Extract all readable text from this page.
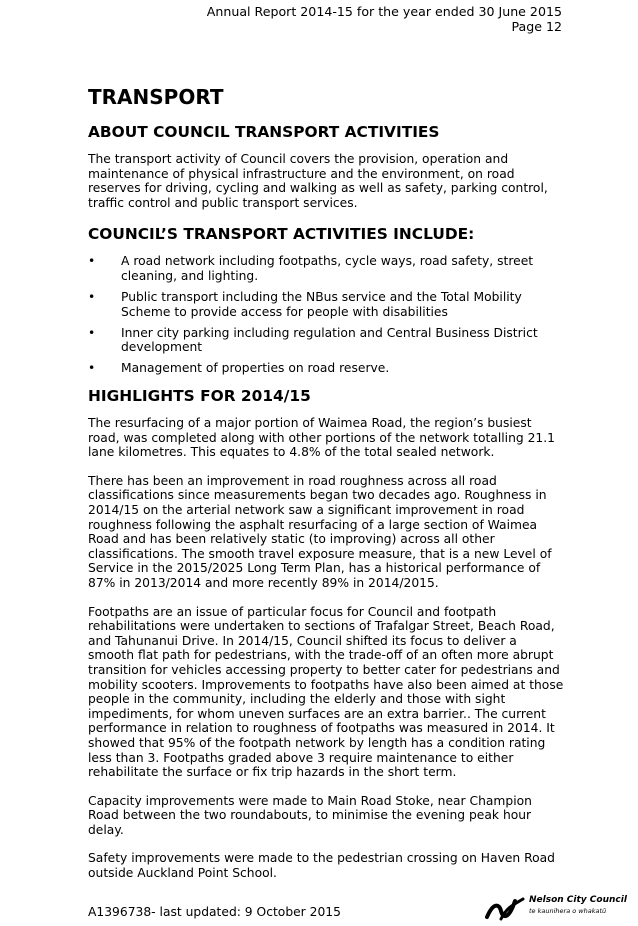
Annual Report 2014-15 for the year ended 30 June 2015
Page 12
TRANSPORT
ABOUT COUNCIL TRANSPORT ACTIVITIES

The transport activity of Council covers the provision, operation and maintenance of physical infrastructure and the environment, on road reserves for driving, cycling and walking as well as safety, parking control, traffic control and public transport services.

COUNCIL’S TRANSPORT ACTIVITIES INCLUDE:
• A road network including footpaths, cycle ways, road safety, street cleaning, and lighting.
• Public transport including the NBus service and the Total Mobility Scheme to provide access for people with disabilities
• Inner city parking including regulation and Central Business District development
• Management of properties on road reserve.
HIGHLIGHTS FOR 2014/15

The resurfacing of a major portion of Waimea Road, the region’s busiest road, was completed along with other portions of the network totalling 21.1 lane kilometres. This equates to 4.8% of the total sealed network.

There has been an improvement in road roughness across all road classifications since measurements began two decades ago. Roughness in 2014/15 on the arterial network saw a significant improvement in road roughness following the asphalt resurfacing of a large section of Waimea Road and has been relatively static (to improving) across all other classifications. The smooth travel exposure measure, that is a new Level of Service in the 2015/2025 Long Term Plan, has a historical performance of 87% in 2013/2014 and more recently 89% in 2014/2015.

Footpaths are an issue of particular focus for Council and footpath rehabilitations were undertaken to sections of Trafalgar Street, Beach Road, and Tahunanui Drive. In 2014/15, Council shifted its focus to deliver a smooth flat path for pedestrians, with the trade-off of an often more abrupt transition for vehicles accessing property to better cater for pedestrians and mobility scooters. Improvements to footpaths have also been aimed at those people in the community, including the elderly and those with sight impediments, for whom uneven surfaces are an extra barrier.. The current performance in relation to roughness of footpaths was measured in 2014. It showed that 95% of the footpath network by length has a condition rating less than 3. Footpaths graded above 3 require maintenance to either rehabilitate the surface or fix trip hazards in the short term.

Capacity improvements were made to Main Road Stoke, near Champion Road between the two roundabouts, to minimise the evening peak hour delay.

Safety improvements were made to the pedestrian crossing on Haven Road outside Auckland Point School.

A1396738- last updated: 9 October 2015
Nelson City Council
te kaunihera o whakatū
